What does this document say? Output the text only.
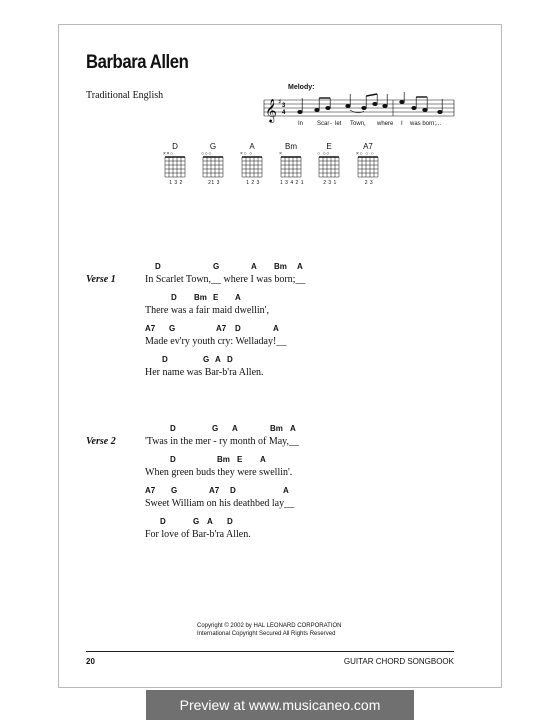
Barbara Allen
Traditional English
Melody:
𝄞 ♯ 3
4
In Scar - let Town, where I was born;...
D
××○
1 3 2
G
○○○
21 3
A
×○ ○
1 2 3
Bm
×
1 3 4 2 1
E
○ ○○
2 3 1
A7
×○ ○ ○
2 3
Verse 1
D	G	A Bm A
In Scarlet Town,__ where I was born;__
D Bm E A
There was a fair maid dwellin',
A7 G	A7 D	A
Made ev'ry youth cry: Welladay!__
D	G A D
Her name was Bar-b'ra Allen.
Verse 2
D	G A	Bm A
'Twas in the mer - ry month of May,__
D	Bm E A
When green buds they were swellin'.
A7 G	A7 D	A
Sweet William on his deathbed lay__
D	G A D
For love of Bar-b'ra Allen.
Copyright © 2002 by HAL LEONARD CORPORATION
International Copyright Secured All Rights Reserved
20	GUITAR CHORD SONGBOOK
Preview at www.musicaneo.com
